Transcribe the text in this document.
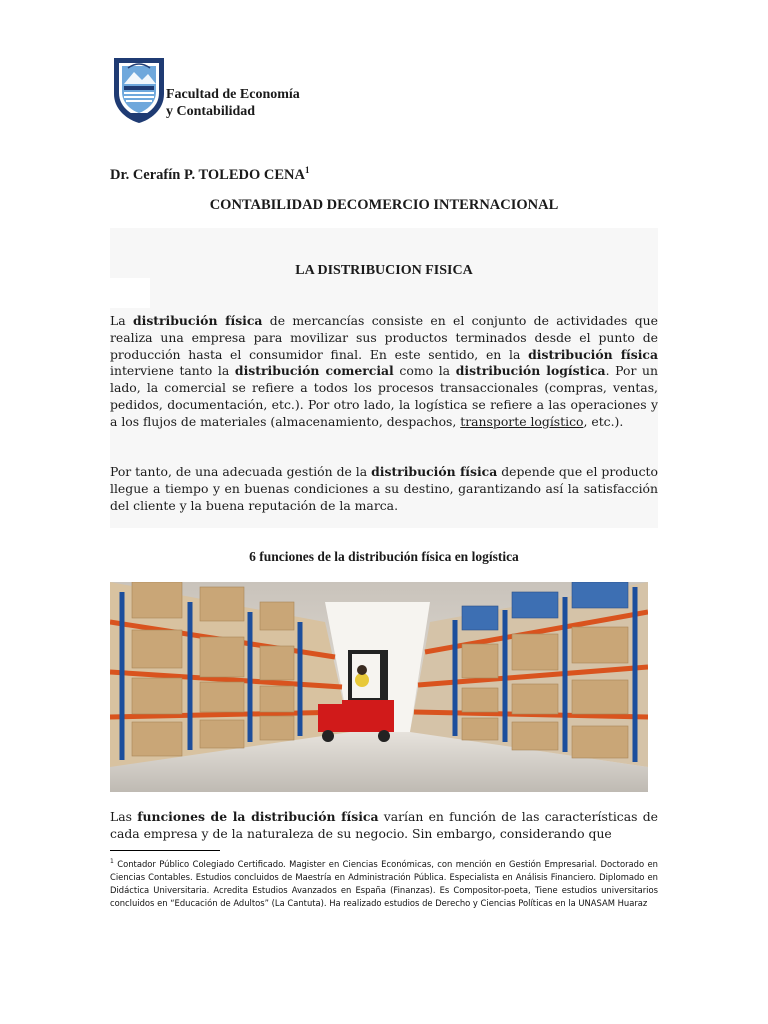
Facultad de Economía
y Contabilidad
Dr. Cerafín P. TOLEDO CENA$^1$
CONTABILIDAD DECOMERCIO INTERNACIONAL
LA DISTRIBUCION FISICA
La distribución física de mercancías consiste en el conjunto de actividades que realiza una empresa para movilizar sus productos terminados desde el punto de producción hasta el consumidor final. En este sentido, en la distribución física interviene tanto la distribución comercial como la distribución logística. Por un lado, la comercial se refiere a todos los procesos transaccionales (compras, ventas, pedidos, documentación, etc.). Por otro lado, la logística se refiere a las operaciones y a los flujos de materiales (almacenamiento, despachos, transporte logístico, etc.).
Por tanto, de una adecuada gestión de la distribución física depende que el producto llegue a tiempo y en buenas condiciones a su destino, garantizando así la satisfacción del cliente y la buena reputación de la marca.
6 funciones de la distribución física en logística
Las funciones de la distribución física varían en función de las características de cada empresa y de la naturaleza de su negocio. Sin embargo, considerando que
$^1$ Contador Público Colegiado Certificado. Magister en Ciencias Económicas, con mención en Gestión Empresarial. Doctorado en Ciencias Contables. Estudios concluidos de Maestría en Administración Pública. Especialista en Análisis Financiero. Diplomado en Didáctica Universitaria. Acredita Estudios Avanzados en España (Finanzas). Es Compositor-poeta, Tiene estudios universitarios concluidos en “Educación de Adultos” (La Cantuta). Ha realizado estudios de Derecho y Ciencias Políticas en la UNASAM Huaraz
